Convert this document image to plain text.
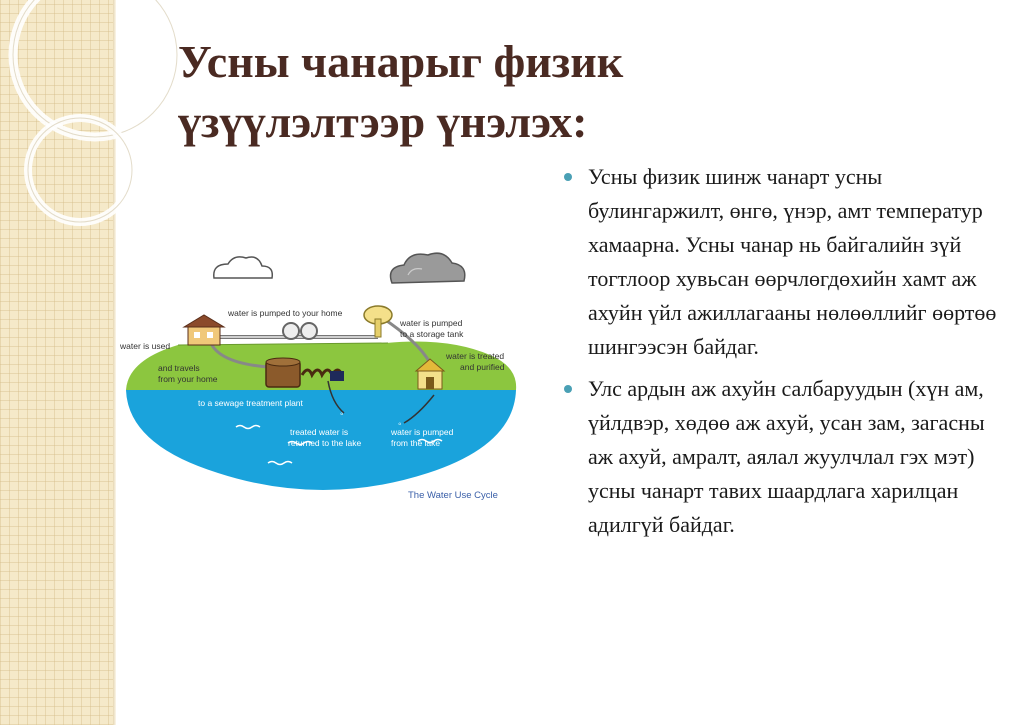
Усны чанарыг физик
үзүүлэлтээр үнэлэх:
◦
◦
water is pumped to your home
water is pumped
to a storage tank
water is used
water is treated
and purified
and travels
from your home
to a sewage treatment plant
treated water is
returned to the lake
water is pumped
from the lake
The Water Use Cycle
Усны физик шинж чанарт усны булингаржилт, өнгө, үнэр, амт температур хамаарна. Усны чанар нь байгалийн зүй тогтлоор хувьсан өөрчлөгдөхийн хамт аж ахуйн үйл ажиллагааны нөлөөллийг өөртөө шингээсэн байдаг.
Улс ардын аж ахуйн салбаруудын (хүн ам, үйлдвэр, хөдөө аж ахуй, усан зам, загасны аж ахуй, амралт, аялал жуулчлал гэх мэт) усны чанарт тавих шаардлага харилцан адилгүй байдаг.
